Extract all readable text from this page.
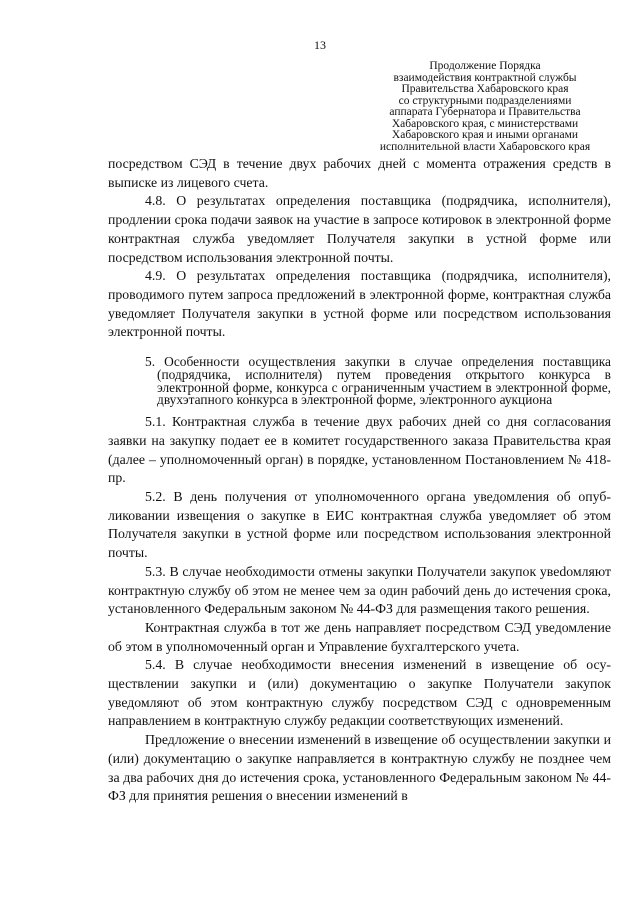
13
Продолжение Порядка
взаимодействия контрактной службы
Правительства Хабаровского края
со структурными подразделениями
аппарата Губернатора и Правительства
Хабаровского края, с министерствами
Хабаровского края и иными органами
исполнительной власти Хабаровского края

посредством СЭД в течение двух рабочих дней с момента отражения средств в выписке из лицевого счета.

4.8. О результатах определения поставщика (подрядчика, исполнителя), продлении срока подачи заявок на участие в запросе котировок в электронной форме контрактная служба уведомляет Получателя закупки в устной форме или посредством использования электронной почты.

4.9. О результатах определения поставщика (подрядчика, исполнителя), проводимого путем запроса предложений в электронной форме, контрактная служба уведомляет Получателя закупки в устной форме или посредством использования электронной почты.

5. Особенности осуществления закупки в случае определения поставщика (подрядчика, исполнителя) путем проведения открытого конкурса в электронной форме, конкурса с ограниченным участием в электронной форме, двухэтапного конкурса в электронной форме, электронного аукциона

5.1. Контрактная служба в течение двух рабочих дней со дня согласования заявки на закупку подает ее в комитет государственного заказа Правительства края (далее – уполномоченный орган) в порядке, установленном Постановлением № 418-пр.

5.2. В день получения от уполномоченного органа уведомления об опубликовании извещения о закупке в ЕИС контрактная служба уведомляет об этом Получателя закупки в устной форме или посредством использования электронной почты.

5.3. В случае необходимости отмены закупки Получатели закупок увеdомляют контрактную службу об этом не менее чем за один рабочий день до истечения срока, установленного Федеральным законом № 44-ФЗ для размещения такого решения.

Контрактная служба в тот же день направляет посредством СЭД уведомление об этом в уполномоченный орган и Управление бухгалтерского учета.

5.4. В случае необходимости внесения изменений в извещение об осуществлении закупки и (или) документацию о закупке Получатели закупок уведомляют об этом контрактную службу посредством СЭД с одновременным направлением в контрактную службу редакции соответствующих изменений.

Предложение о внесении изменений в извещение об осуществлении закупки и (или) документацию о закупке направляется в контрактную службу не позднее чем за два рабочих дня до истечения срока, установленного Федеральным законом № 44-ФЗ для принятия решения о внесении изменений в
